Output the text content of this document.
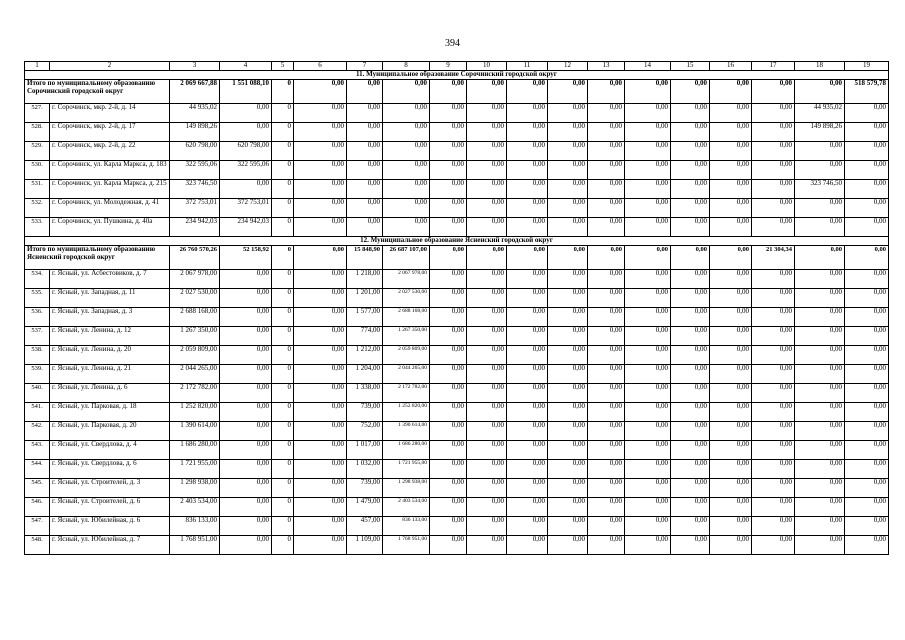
394
1	2	3	4	5	6	7	8	9	10	11	12	13	14	15	16	17	18	19
11. Муниципальное образование Сорочинский городской округ																		
Итого по муниципальному образованию Сорочинский городской округ		2 069 667,88	1 551 088,10	0	0,00	0,00	0,00	0,00	0,00	0,00	0,00	0,00	0,00	0,00	0,00	0,00	0,00	518 579,78
527.	г. Сорочинск, мкр. 2-й, д. 14	44 935,02	0,00	0	0,00	0,00	0,00	0,00	0,00	0,00	0,00	0,00	0,00	0,00	0,00	0,00	44 935,02	0,00
528.	г. Сорочинск, мкр. 2-й, д. 17	149 898,26	0,00	0	0,00	0,00	0,00	0,00	0,00	0,00	0,00	0,00	0,00	0,00	0,00	0,00	149 898,26	0,00
529.	г. Сорочинск, мкр. 2-й, д. 22	620 798,00	620 798,00	0	0,00	0,00	0,00	0,00	0,00	0,00	0,00	0,00	0,00	0,00	0,00	0,00	0,00	0,00
530.	г. Сорочинск, ул. Карла Маркса, д. 183	322 595,06	322 595,06	0	0,00	0,00	0,00	0,00	0,00	0,00	0,00	0,00	0,00	0,00	0,00	0,00	0,00	0,00
531.	г. Сорочинск, ул. Карла Маркса, д. 215	323 746,50	0,00	0	0,00	0,00	0,00	0,00	0,00	0,00	0,00	0,00	0,00	0,00	0,00	0,00	323 746,50	0,00
532.	г. Сорочинск, ул. Молодежная, д. 41	372 753,01	372 753,01	0	0,00	0,00	0,00	0,00	0,00	0,00	0,00	0,00	0,00	0,00	0,00	0,00	0,00	0,00
533.	г. Сорочинск, ул. Пушкина, д. 40а	234 942,03	234 942,03	0	0,00	0,00	0,00	0,00	0,00	0,00	0,00	0,00	0,00	0,00	0,00	0,00	0,00	0,00
12. Муниципальное образование Ясненский городской округ																		
Итого по муниципальному образованию Ясненский городской округ		26 760 570,26	52 158,92	0	0,00	15 848,90	26 687 107,00	0,00	0,00	0,00	0,00	0,00	0,00	0,00	0,00	21 304,34	0,00	0,00
534.	г. Ясный, ул. Асбестовиков, д. 7	2 067 978,00	0,00	0	0,00	1 218,00	2 067 978,00	0,00	0,00	0,00	0,00	0,00	0,00	0,00	0,00	0,00	0,00	0,00
535.	г. Ясный, ул. Западная, д. 11	2 027 530,00	0,00	0	0,00	1 201,00	2 027 530,00	0,00	0,00	0,00	0,00	0,00	0,00	0,00	0,00	0,00	0,00	0,00
536.	г. Ясный, ул. Западная, д. 3	2 688 168,00	0,00	0	0,00	1 577,00	2 688 168,00	0,00	0,00	0,00	0,00	0,00	0,00	0,00	0,00	0,00	0,00	0,00
537.	г. Ясный, ул. Ленина, д. 12	1 267 350,00	0,00	0	0,00	774,00	1 267 350,00	0,00	0,00	0,00	0,00	0,00	0,00	0,00	0,00	0,00	0,00	0,00
538.	г. Ясный, ул. Ленина, д. 20	2 059 809,00	0,00	0	0,00	1 212,00	2 059 809,00	0,00	0,00	0,00	0,00	0,00	0,00	0,00	0,00	0,00	0,00	0,00
539.	г. Ясный, ул. Ленина, д. 21	2 044 265,00	0,00	0	0,00	1 204,00	2 044 265,00	0,00	0,00	0,00	0,00	0,00	0,00	0,00	0,00	0,00	0,00	0,00
540.	г. Ясный, ул. Ленина, д. 6	2 172 782,00	0,00	0	0,00	1 338,00	2 172 782,00	0,00	0,00	0,00	0,00	0,00	0,00	0,00	0,00	0,00	0,00	0,00
541.	г. Ясный, ул. Парковая, д. 18	1 252 820,00	0,00	0	0,00	739,00	1 252 820,00	0,00	0,00	0,00	0,00	0,00	0,00	0,00	0,00	0,00	0,00	0,00
542.	г. Ясный, ул. Парковая, д. 20	1 390 614,00	0,00	0	0,00	752,00	1 390 614,00	0,00	0,00	0,00	0,00	0,00	0,00	0,00	0,00	0,00	0,00	0,00
543.	г. Ясный, ул. Свердлова, д. 4	1 686 280,00	0,00	0	0,00	1 017,00	1 686 280,00	0,00	0,00	0,00	0,00	0,00	0,00	0,00	0,00	0,00	0,00	0,00
544.	г. Ясный, ул. Свердлова, д. 6	1 721 955,00	0,00	0	0,00	1 032,00	1 721 955,00	0,00	0,00	0,00	0,00	0,00	0,00	0,00	0,00	0,00	0,00	0,00
545.	г. Ясный, ул. Строителей, д. 3	1 298 938,00	0,00	0	0,00	739,00	1 298 938,00	0,00	0,00	0,00	0,00	0,00	0,00	0,00	0,00	0,00	0,00	0,00
546.	г. Ясный, ул. Строителей, д. 6	2 403 534,00	0,00	0	0,00	1 479,00	2 403 534,00	0,00	0,00	0,00	0,00	0,00	0,00	0,00	0,00	0,00	0,00	0,00
547.	г. Ясный, ул. Юбилейная, д. 6	836 133,00	0,00	0	0,00	457,00	836 133,00	0,00	0,00	0,00	0,00	0,00	0,00	0,00	0,00	0,00	0,00	0,00
548.	г. Ясный, ул. Юбилейная, д. 7	1 768 951,00	0,00	0	0,00	1 109,00	1 768 951,00	0,00	0,00	0,00	0,00	0,00	0,00	0,00	0,00	0,00	0,00	0,00
